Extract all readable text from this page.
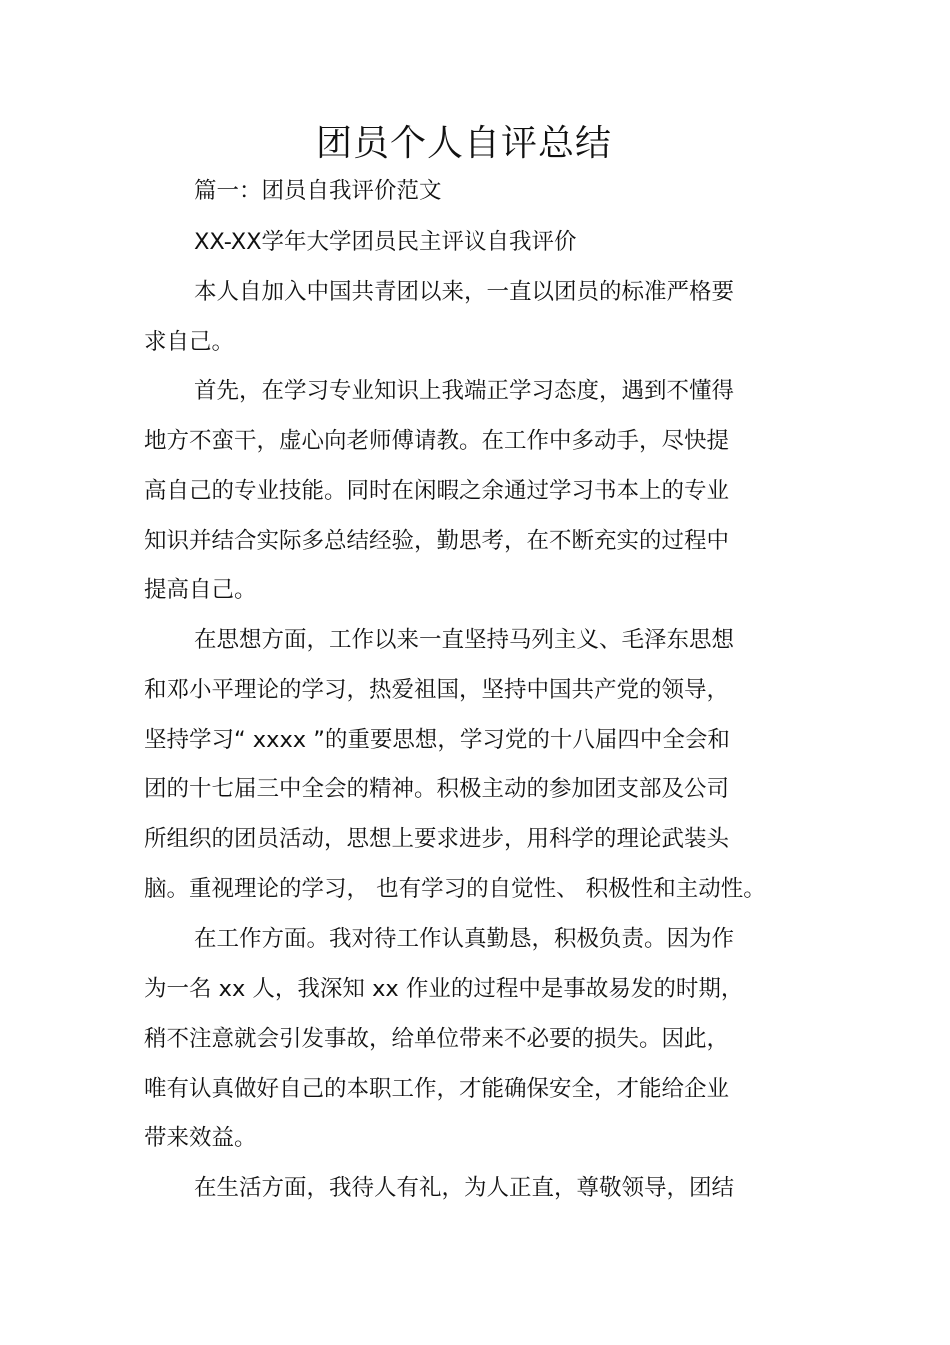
团员个人自评总结
篇一：团员自我评价范文
XX-XX学年大学团员民主评议自我评价
本人自加入中国共青团以来，一直以团员的标准严格要
求自己。
首先，在学习专业知识上我端正学习态度，遇到不懂得
地方不蛮干，虚心向老师傅请教。在工作中多动手，尽快提
高自己的专业技能。同时在闲暇之余通过学习书本上的专业
知识并结合实际多总结经验，勤思考，在不断充实的过程中
提高自己。
在思想方面，工作以来一直坚持马列主义、毛泽东思想
和邓小平理论的学习，热爱祖国，坚持中国共产党的领导，
坚持学习“ xxxx ”的重要思想，学习党的十八届四中全会和
团的十七届三中全会的精神。积极主动的参加团支部及公司
所组织的团员活动，思想上要求进步，用科学的理论武装头
脑。重视理论的学习， 也有学习的自觉性、 积极性和主动性。
在工作方面。我对待工作认真勤恳，积极负责。因为作
为一名 xx 人，我深知 xx 作业的过程中是事故易发的时期，
稍不注意就会引发事故，给单位带来不必要的损失。因此，
唯有认真做好自己的本职工作，才能确保安全，才能给企业
带来效益。
在生活方面，我待人有礼，为人正直，尊敬领导，团结
